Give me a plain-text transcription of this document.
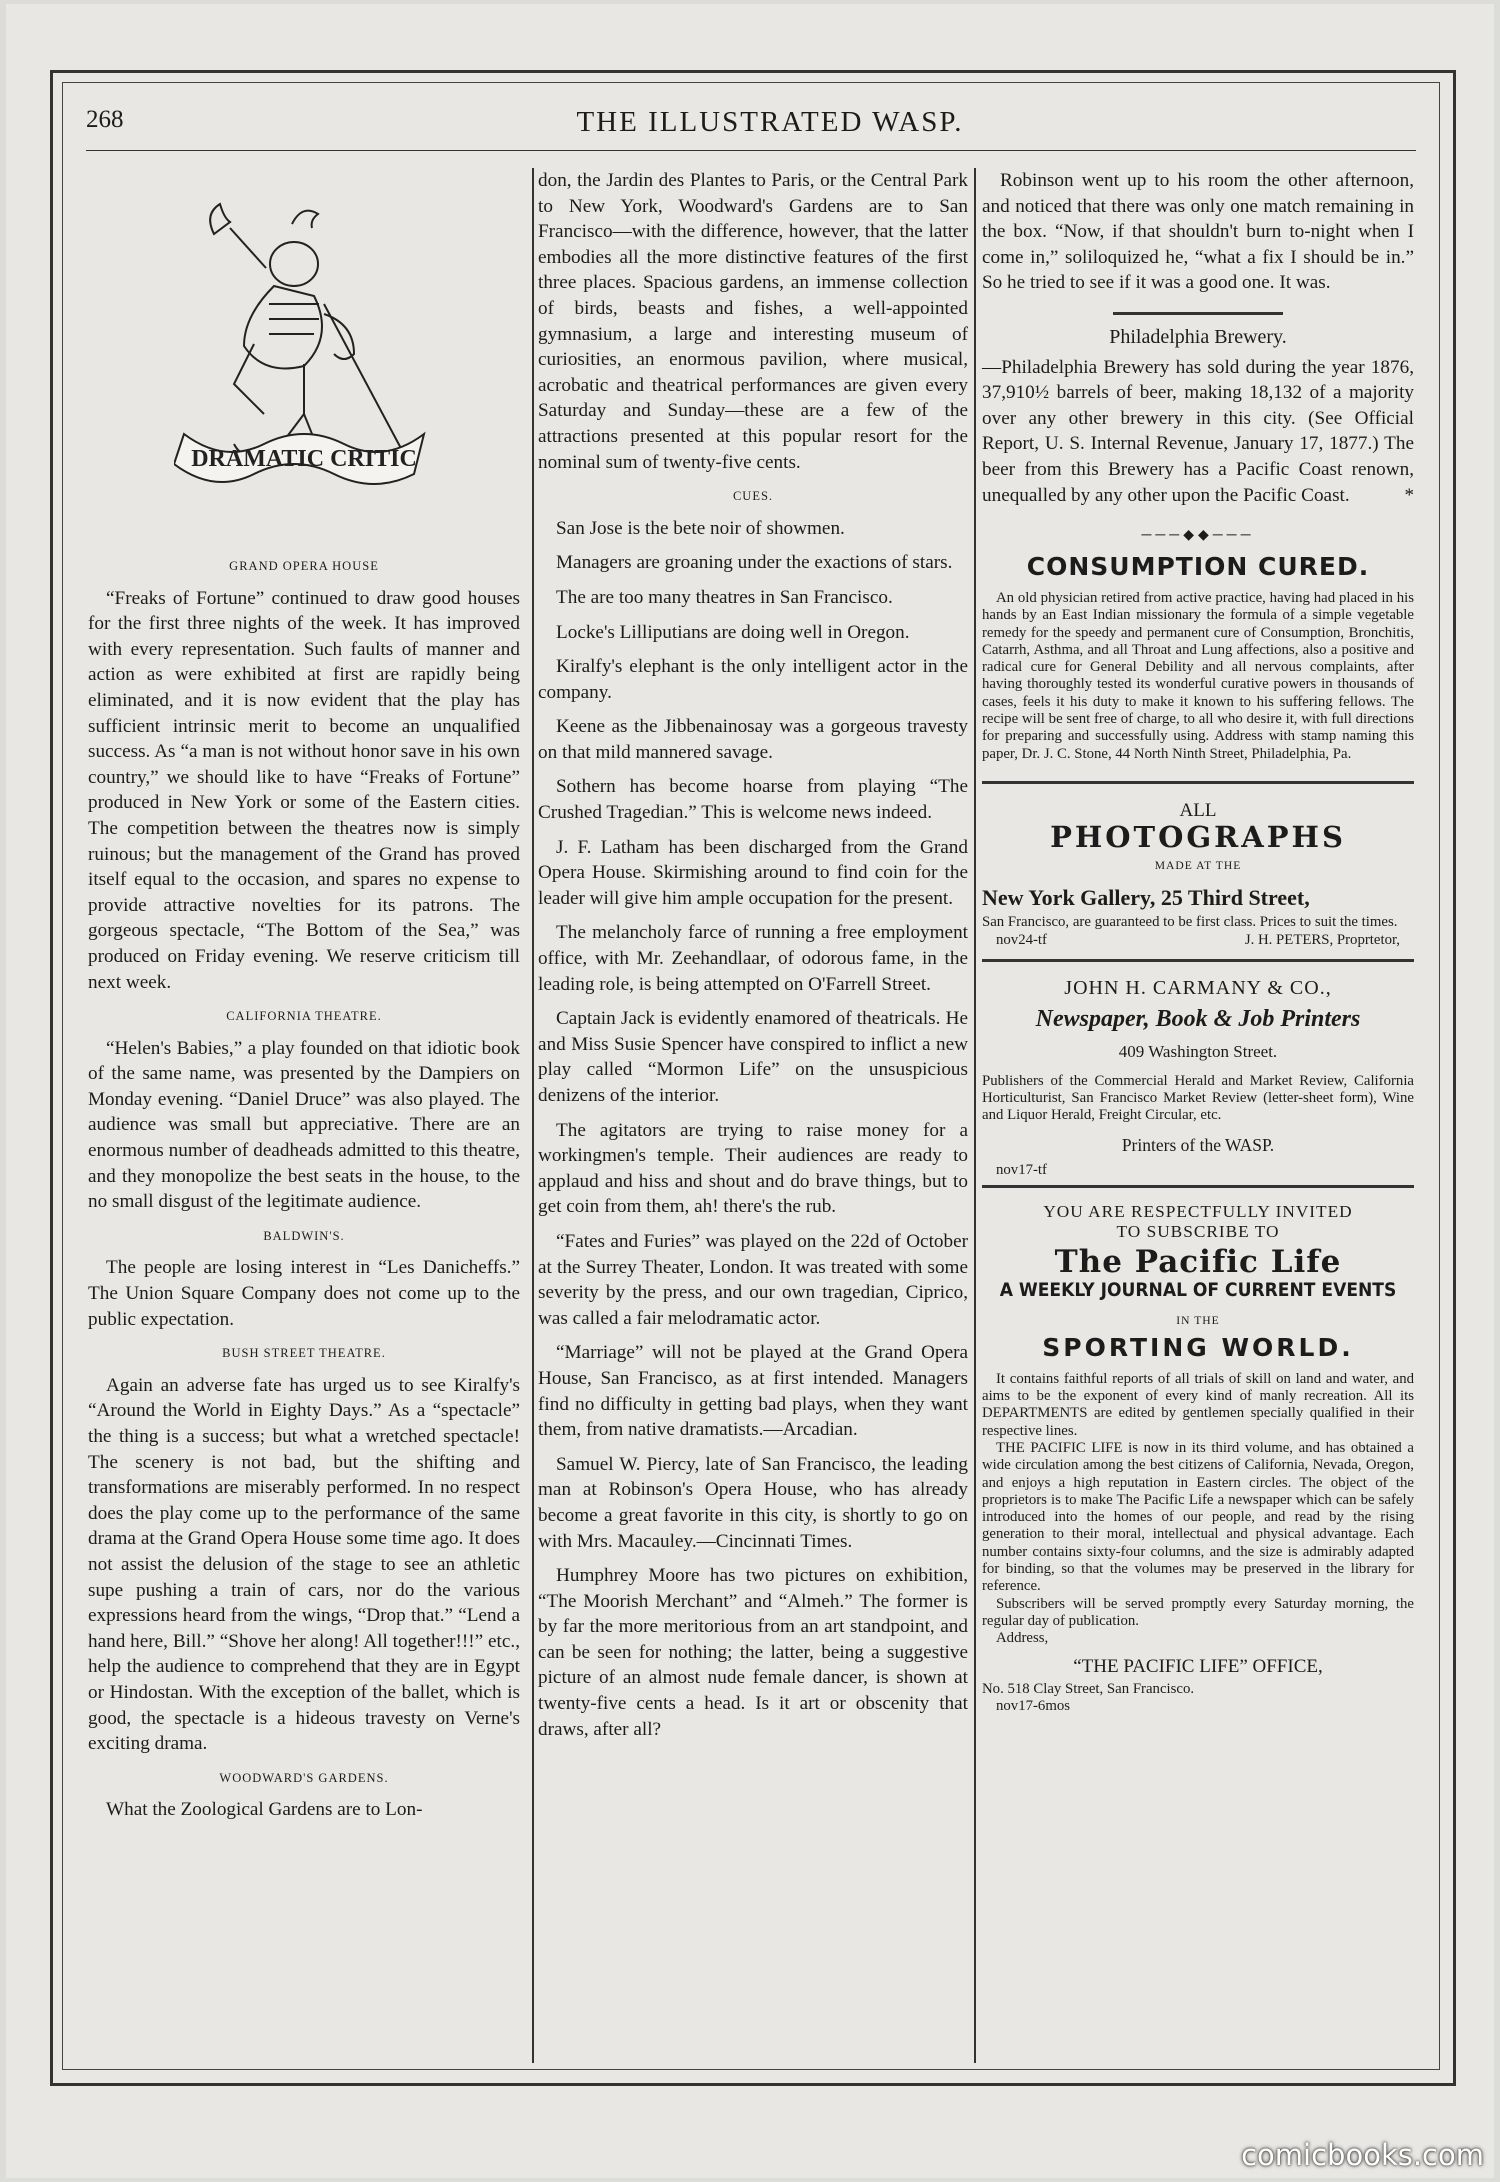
268	THE ILLUSTRATED WASP.
DRAMATIC CRITIC
GRAND OPERA HOUSE

“Freaks of Fortune” continued to draw good houses for the first three nights of the week. It has improved with every representation. Such faults of manner and action as were exhibited at first are rapidly being eliminated, and it is now evident that the play has sufficient intrinsic merit to become an unqualified success. As “a man is not without honor save in his own country,” we should like to have “Freaks of Fortune” produced in New York or some of the Eastern cities. The competition between the theatres now is simply ruinous; but the management of the Grand has proved itself equal to the occasion, and spares no expense to provide attractive novelties for its patrons. The gorgeous spectacle, “The Bottom of the Sea,” was produced on Friday evening. We reserve criticism till next week.

CALIFORNIA THEATRE.

“Helen's Babies,” a play founded on that idiotic book of the same name, was presented by the Dampiers on Monday evening. “Daniel Druce” was also played. The audience was small but appreciative. There are an enormous number of deadheads admitted to this theatre, and they monopolize the best seats in the house, to the no small disgust of the legitimate audience.

BALDWIN'S.

The people are losing interest in “Les Danicheffs.” The Union Square Company does not come up to the public expectation.

BUSH STREET THEATRE.

Again an adverse fate has urged us to see Kiralfy's “Around the World in Eighty Days.” As a “spectacle” the thing is a success; but what a wretched spectacle! The scenery is not bad, but the shifting and transformations are miserably performed. In no respect does the play come up to the performance of the same drama at the Grand Opera House some time ago. It does not assist the delusion of the stage to see an athletic supe pushing a train of cars, nor do the various expressions heard from the wings, “Drop that.” “Lend a hand here, Bill.” “Shove her along! All together!!!” etc., help the audience to comprehend that they are in Egypt or Hindostan. With the exception of the ballet, which is good, the spectacle is a hideous travesty on Verne's exciting drama.

WOODWARD'S GARDENS.

What the Zoological Gardens are to Lon-

don, the Jardin des Plantes to Paris, or the Central Park to New York, Woodward's Gardens are to San Francisco—with the difference, however, that the latter embodies all the more distinctive features of the first three places. Spacious gardens, an immense collection of birds, beasts and fishes, a well-appointed gymnasium, a large and interesting museum of curiosities, an enormous pavilion, where musical, acrobatic and theatrical performances are given every Saturday and Sunday—these are a few of the attractions presented at this popular resort for the nominal sum of twenty-five cents.

CUES.

San Jose is the bete noir of showmen.

Managers are groaning under the exactions of stars.

The are too many theatres in San Francisco.

Locke's Lilliputians are doing well in Oregon.

Kiralfy's elephant is the only intelligent actor in the company.

Keene as the Jibbenainosay was a gorgeous travesty on that mild mannered savage.

Sothern has become hoarse from playing “The Crushed Tragedian.” This is welcome news indeed.

J. F. Latham has been discharged from the Grand Opera House. Skirmishing around to find coin for the leader will give him ample occupation for the present.

The melancholy farce of running a free employment office, with Mr. Zeehandlaar, of odorous fame, in the leading role, is being attempted on O'Farrell Street.

Captain Jack is evidently enamored of theatricals. He and Miss Susie Spencer have conspired to inflict a new play called “Mormon Life” on the unsuspicious denizens of the interior.

The agitators are trying to raise money for a workingmen's temple. Their audiences are ready to applaud and hiss and shout and do brave things, but to get coin from them, ah! there's the rub.

“Fates and Furies” was played on the 22d of October at the Surrey Theater, London. It was treated with some severity by the press, and our own tragedian, Ciprico, was called a fair melodramatic actor.

“Marriage” will not be played at the Grand Opera House, San Francisco, as at first intended. Managers find no difficulty in getting bad plays, when they want them, from native dramatists.—Arcadian.

Samuel W. Piercy, late of San Francisco, the leading man at Robinson's Opera House, who has already become a great favorite in this city, is shortly to go on with Mrs. Macauley.—Cincinnati Times.

Humphrey Moore has two pictures on exhibition, “The Moorish Merchant” and “Almeh.” The former is by far the more meritorious from an art standpoint, and can be seen for nothing; the latter, being a suggestive picture of an almost nude female dancer, is shown at twenty-five cents a head. Is it art or obscenity that draws, after all?

Robinson went up to his room the other afternoon, and noticed that there was only one match remaining in the box. “Now, if that shouldn't burn to-night when I come in,” soliloquized he, “what a fix I should be in.” So he tried to see if it was a good one. It was.

Philadelphia Brewery.

—Philadelphia Brewery has sold during the year 1876, 37,910½ barrels of beer, making 18,132 of a majority over any other brewery in this city. (See Official Report, U. S. Internal Revenue, January 17, 1877.) The beer from this Brewery has a Pacific Coast renown, unequalled by any other upon the Pacific Coast.	*
───◆◆───
CONSUMPTION CURED.

An old physician retired from active practice, having had placed in his hands by an East Indian missionary the formula of a simple vegetable remedy for the speedy and permanent cure of Consumption, Bronchitis, Catarrh, Asthma, and all Throat and Lung affections, also a positive and radical cure for General Debility and all nervous complaints, after having thoroughly tested its wonderful curative powers in thousands of cases, feels it his duty to make it known to his suffering fellows. The recipe will be sent free of charge, to all who desire it, with full directions for preparing and successfully using. Address with stamp naming this paper, Dr. J. C. Stone, 44 North Ninth Street, Philadelphia, Pa.

ALL
PHOTOGRAPHS
MADE AT THE
New York Gallery, 25 Third Street,
San Francisco, are guaranteed to be first class. Prices to suit the times.
nov24-tf	J. H. PETERS, Proprtetor,
JOHN H. CARMANY & CO.,
Newspaper, Book & Job Printers
409 Washington Street.
Publishers of the Commercial Herald and Market Review, California Horticulturist, San Francisco Market Review (letter-sheet form), Wine and Liquor Herald, Freight Circular, etc.
Printers of the WASP.
nov17-tf
YOU ARE RESPECTFULLY INVITED
TO SUBSCRIBE TO
The Pacific Life
A WEEKLY JOURNAL OF CURRENT EVENTS
IN THE
SPORTING WORLD.

It contains faithful reports of all trials of skill on land and water, and aims to be the exponent of every kind of manly recreation. All its DEPARTMENTS are edited by gentlemen specially qualified in their respective lines.

THE PACIFIC LIFE is now in its third volume, and has obtained a wide circulation among the best citizens of California, Nevada, Oregon, and enjoys a high reputation in Eastern circles. The object of the proprietors is to make The Pacific Life a newspaper which can be safely introduced into the homes of our people, and read by the rising generation to their moral, intellectual and physical advantage. Each number contains sixty-four columns, and the size is admirably adapted for binding, so that the volumes may be preserved in the library for reference.

Subscribers will be served promptly every Saturday morning, the regular day of publication.

Address,

“THE PACIFIC LIFE” OFFICE,
No. 518 Clay Street, San Francisco.
nov17-6mos
comicbooks.com
